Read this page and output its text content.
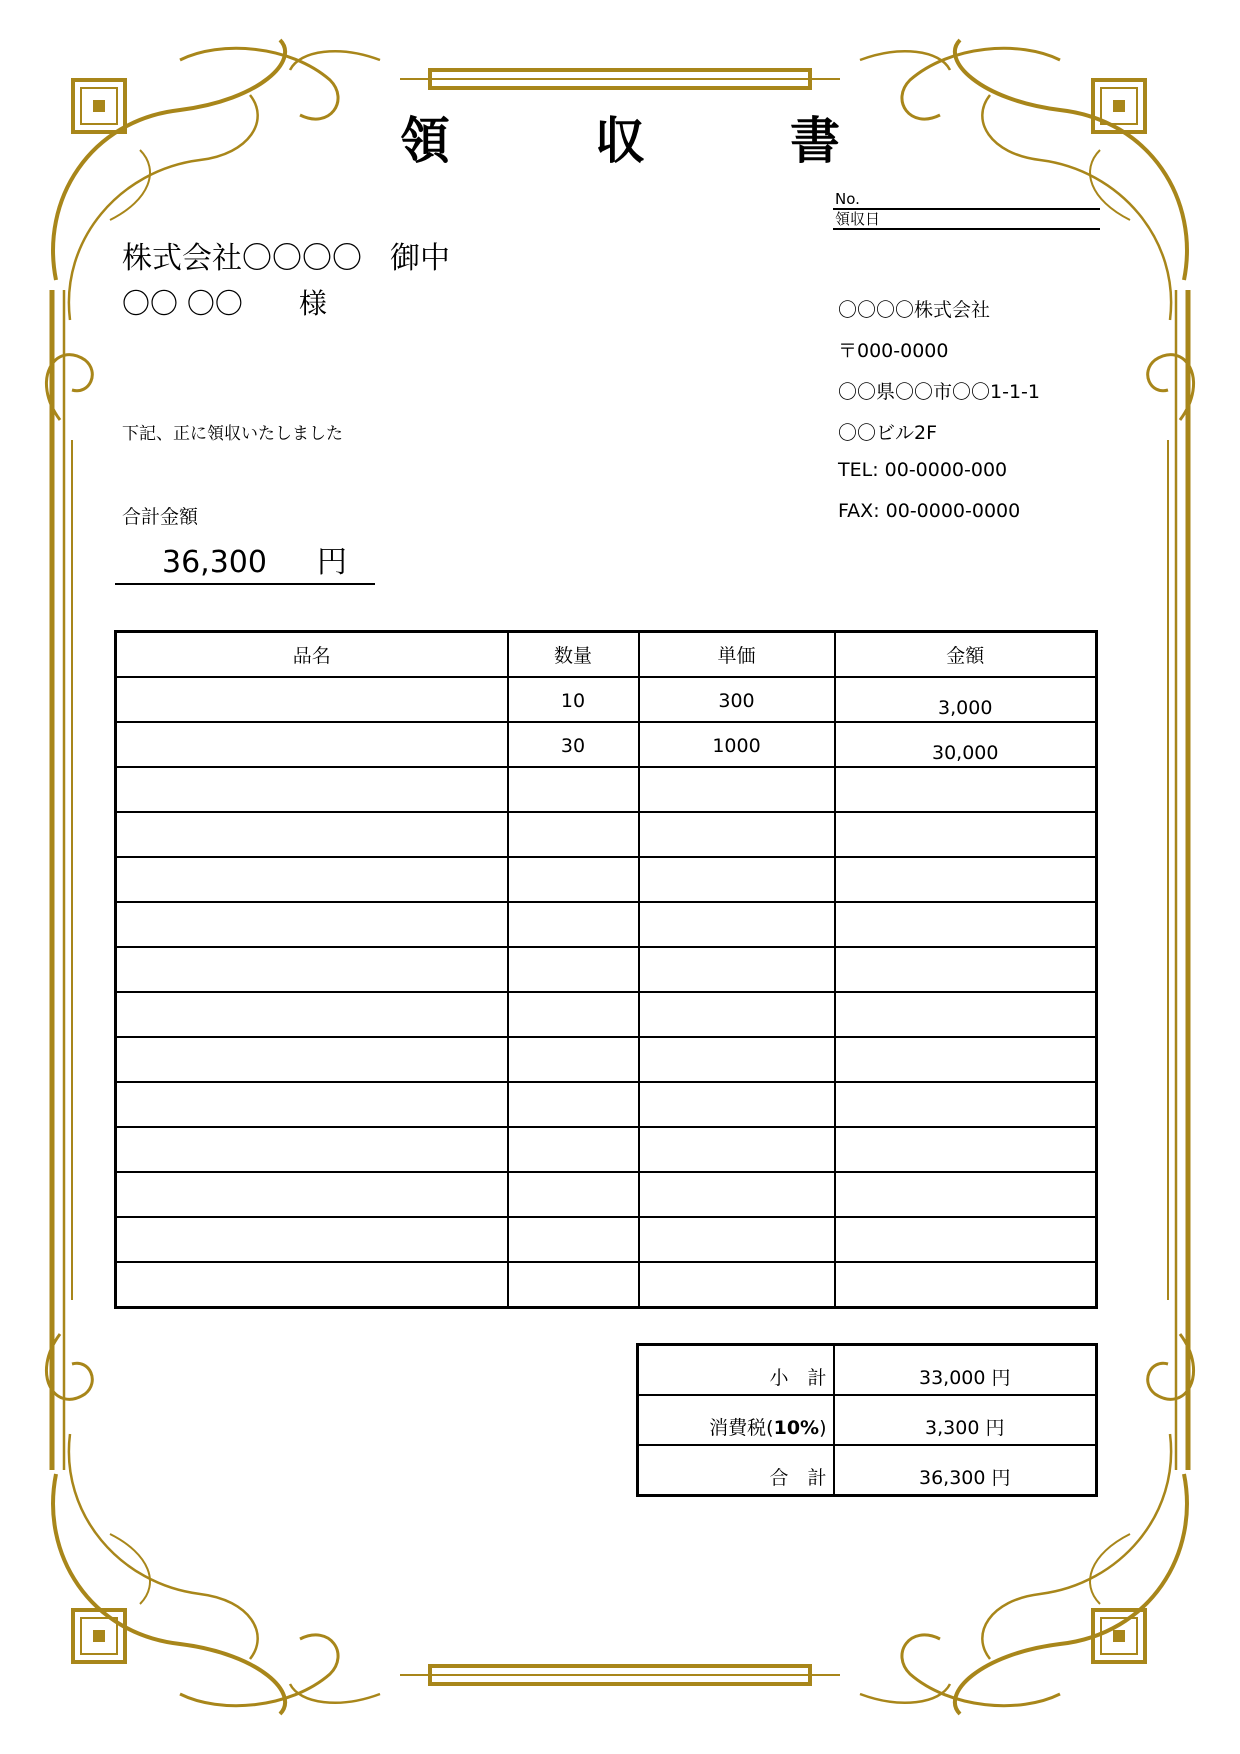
領	収	書
No.
領収日
株式会社〇〇〇〇 御中
〇〇 〇〇 様
下記、正に領収いたしました
合計金額
36,300 円
〇〇〇〇株式会社
〒000-0000
〇〇県〇〇市〇〇1-1-1
〇〇ビル2F
TEL: 00-0000-000
FAX: 00-0000-0000
品名	数量	単価	金額
	10	300	3,000
	30	1000	30,000

小　計	33,000 円
消費税(10%)	3,300 円
合　計	36,300 円
